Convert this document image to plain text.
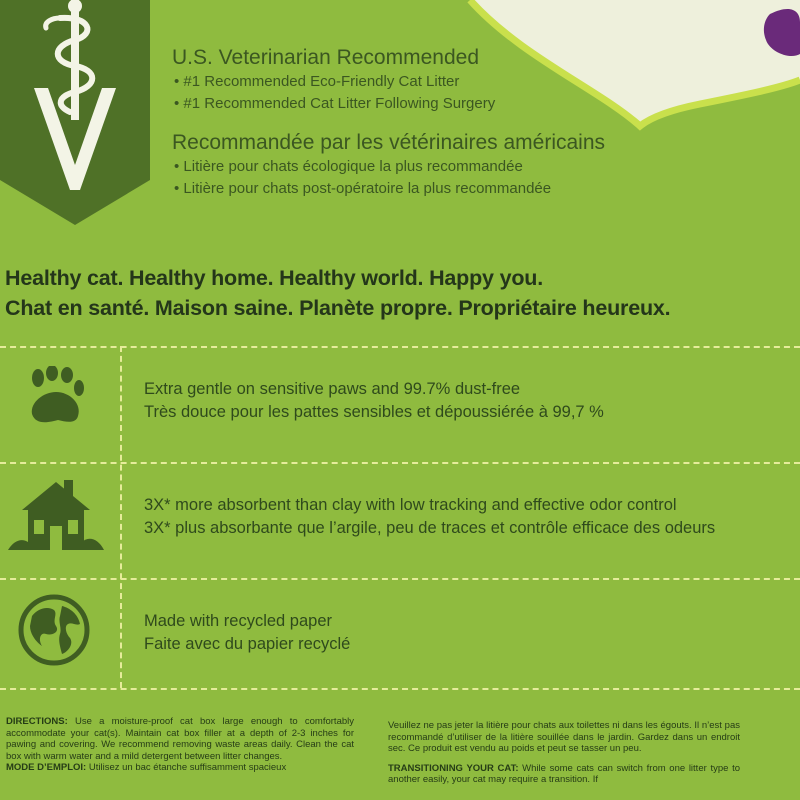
U.S. Veterinarian Recommended
• #1 Recommended Eco-Friendly Cat Litter
• #1 Recommended Cat Litter Following Surgery
Recommandée par les vétérinaires américains
• Litière pour chats écologique la plus recommandée
• Litière pour chats post-opératoire la plus recommandée
Healthy cat. Healthy home. Healthy world. Happy you.
Chat en santé. Maison saine. Planète propre. Propriétaire heureux.
Extra gentle on sensitive paws and 99.7% dust-free
Très douce pour les pattes sensibles et dépoussiérée à 99,7 %
3X* more absorbent than clay with low tracking and effective odor control
3X* plus absorbante que l’argile, peu de traces et contrôle efficace des odeurs
Made with recycled paper
Faite avec du papier recyclé
DIRECTIONS: Use a moisture-proof cat box large enough to comfortably accommodate your cat(s). Maintain cat box filler at a depth of 2-3 inches for pawing and covering. We recommend removing waste areas daily. Clean the cat box with warm water and a mild detergent between litter changes.
MODE D’EMPLOI: Utilisez un bac étanche suffisamment spacieux
Veuillez ne pas jeter la litière pour chats aux toilettes ni dans les égouts. Il n’est pas recommandé d’utiliser de la litière souillée dans le jardin. Gardez dans un endroit sec. Ce produit est vendu au poids et peut se tasser un peu.
TRANSITIONING YOUR CAT: While some cats can switch from one litter type to another easily, your cat may require a transition. If
